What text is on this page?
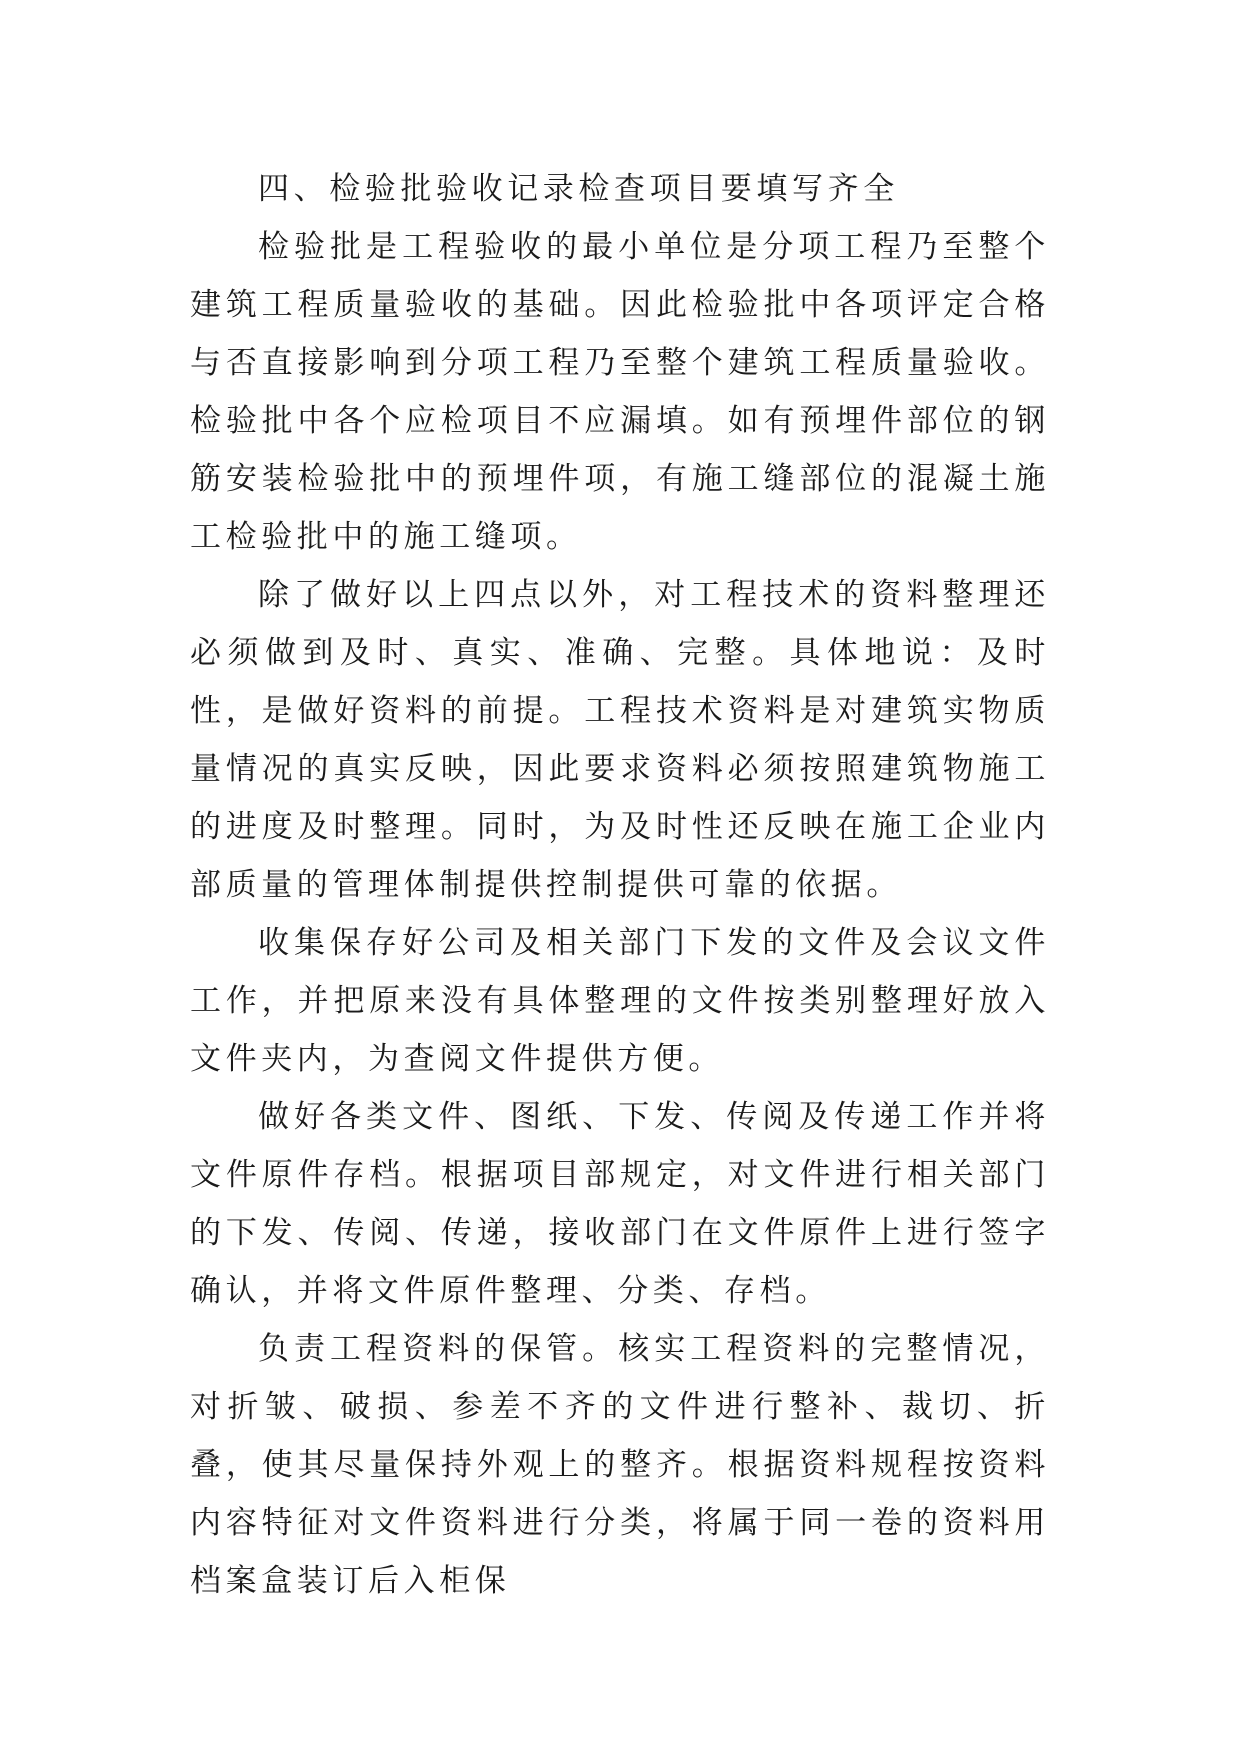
四、检验批验收记录检查项目要填写齐全

检验批是工程验收的最小单位是分项工程乃至整个建筑工程质量验收的基础。因此检验批中各项评定合格与否直接影响到分项工程乃至整个建筑工程质量验收。检验批中各个应检项目不应漏填。如有预埋件部位的钢筋安装检验批中的预埋件项，有施工缝部位的混凝土施工检验批中的施工缝项。

除了做好以上四点以外，对工程技术的资料整理还必须做到及时、真实、准确、完整。具体地说：及时性，是做好资料的前提。工程技术资料是对建筑实物质量情况的真实反映，因此要求资料必须按照建筑物施工的进度及时整理。同时，为及时性还反映在施工企业内部质量的管理体制提供控制提供可靠的依据。

收集保存好公司及相关部门下发的文件及会议文件工作，并把原来没有具体整理的文件按类别整理好放入文件夹内，为查阅文件提供方便。

做好各类文件、图纸、下发、传阅及传递工作并将文件原件存档。根据项目部规定，对文件进行相关部门的下发、传阅、传递，接收部门在文件原件上进行签字确认，并将文件原件整理、分类、存档。

负责工程资料的保管。核实工程资料的完整情况，对折皱、破损、参差不齐的文件进行整补、裁切、折叠，使其尽量保持外观上的整齐。根据资料规程按资料内容特征对文件资料进行分类，将属于同一卷的资料用档案盒装订后入柜保
